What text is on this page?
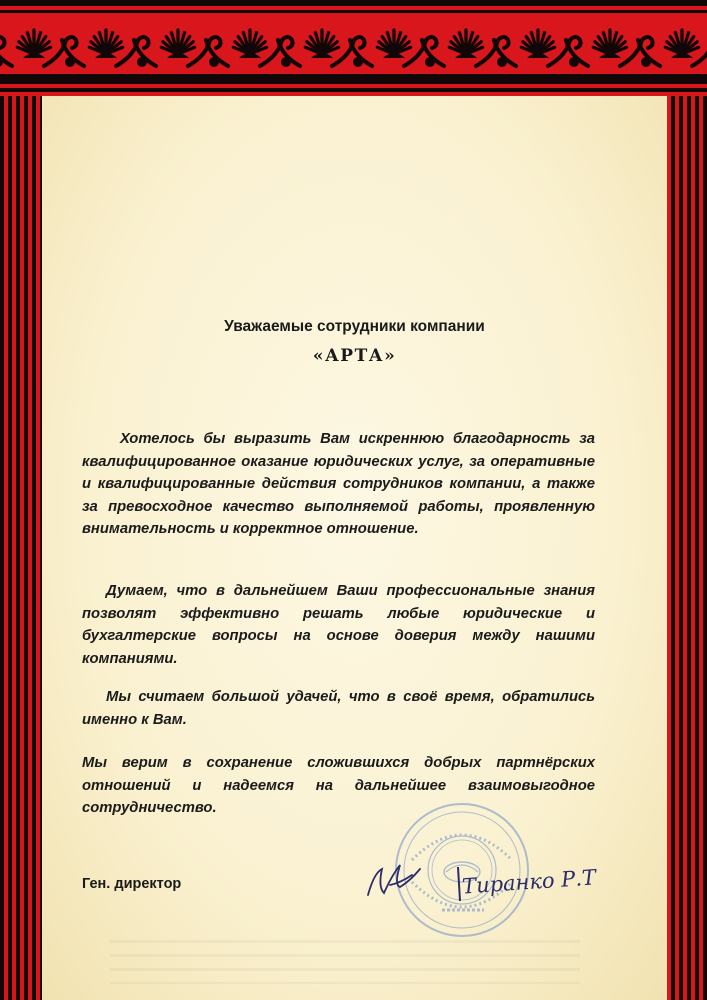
Уважаемые сотрудники компании
«АРТА»

Хотелось бы выразить Вам искреннюю благодарность за квалифицированное оказание юридических услуг, за оперативные и квалифицированные действия сотрудников компании, а также за превосходное качество выполняемой работы, проявленную внимательность и корректное отношение.

Думаем, что в дальнейшем Ваши профессиональные знания позволят эффективно решать любые юридические и бухгалтерские вопросы на основе доверия между нашими компаниями.

Мы считаем большой удачей, что в своё время, обратились именно к Вам.

Мы верим в сохранение сложившихся добрых партнёрских отношений и надеемся на дальнейшее взаимовыгодное сотрудничество.

Ген. директор	Тиранко Р.Т
